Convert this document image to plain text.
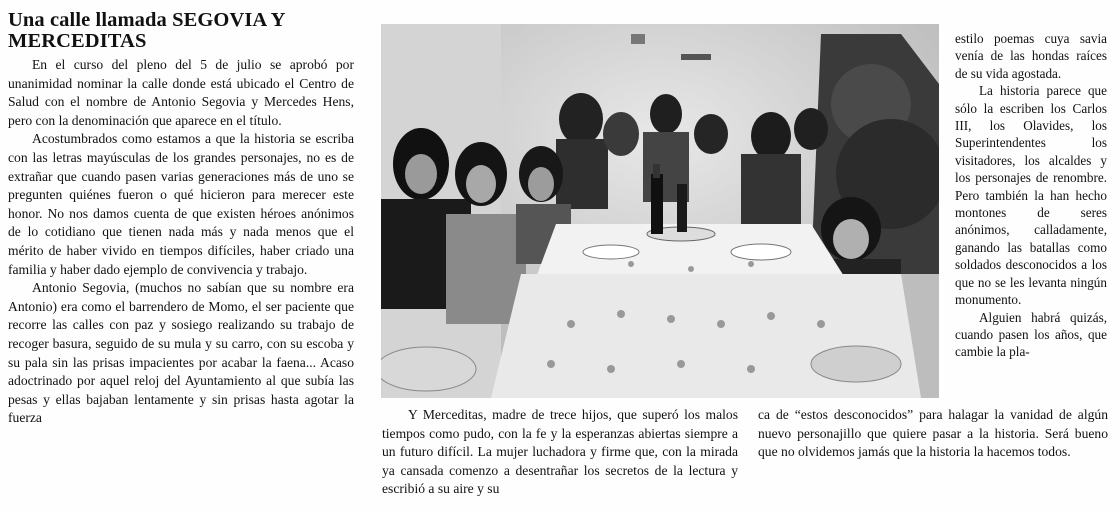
Una calle llamada SEGOVIA Y MERCEDITAS

En el curso del pleno del 5 de julio se aprobó por unanimidad nominar la calle donde está ubicado el Centro de Salud con el nombre de Antonio Segovia y Mercedes Hens, pero con la denominación que aparece en el título.

Acostumbrados como estamos a que la historia se escriba con las letras mayúsculas de los grandes personajes, no es de extrañar que cuando pasen varias generaciones más de uno se pregunten quiénes fueron o qué hicieron para merecer este honor. No nos damos cuenta de que existen héroes anónimos de lo cotidiano que tienen nada más y nada menos que el mérito de haber vivido en tiempos difíciles, haber criado una familia y haber dado ejemplo de convivencia y trabajo.

Antonio Segovia, (muchos no sabían que su nombre era Antonio) era como el barrendero de Momo, el ser paciente que recorre las calles con paz y sosiego realizando su trabajo de recoger basura, seguido de su mula y su carro, con su escoba y su pala sin las prisas impacientes por acabar la faena... Acaso adoctrinado por aquel reloj del Ayuntamiento al que subía las pesas y ellas bajaban lentamente y sin prisas hasta agotar la fuerza

estilo poemas cuya savia venía de las hondas raíces de su vida agostada.

La historia parece que sólo la escriben los Carlos III, los Olavides, los Superintendentes los visitadores, los alcaldes y los personajes de renombre. Pero también la han hecho montones de seres anónimos, calladamente, ganando las batallas como soldados desconocidos a los que no se les levanta ningún monumento.

Alguien habrá quizás, cuando pasen los años, que cambie la pla-

Y Merceditas, madre de trece hijos, que superó los malos tiempos como pudo, con la fe y la esperanzas abiertas siempre a un futuro difícil. La mujer luchadora y firme que, con la mirada ya cansada comenzo a desentrañar los secretos de la lectura y escribió a su aire y su

ca de “estos desconocidos” para halagar la vanidad de algún nuevo personajillo que quiere pasar a la historia. Será bueno que no olvidemos jamás que la historia la hacemos todos.
